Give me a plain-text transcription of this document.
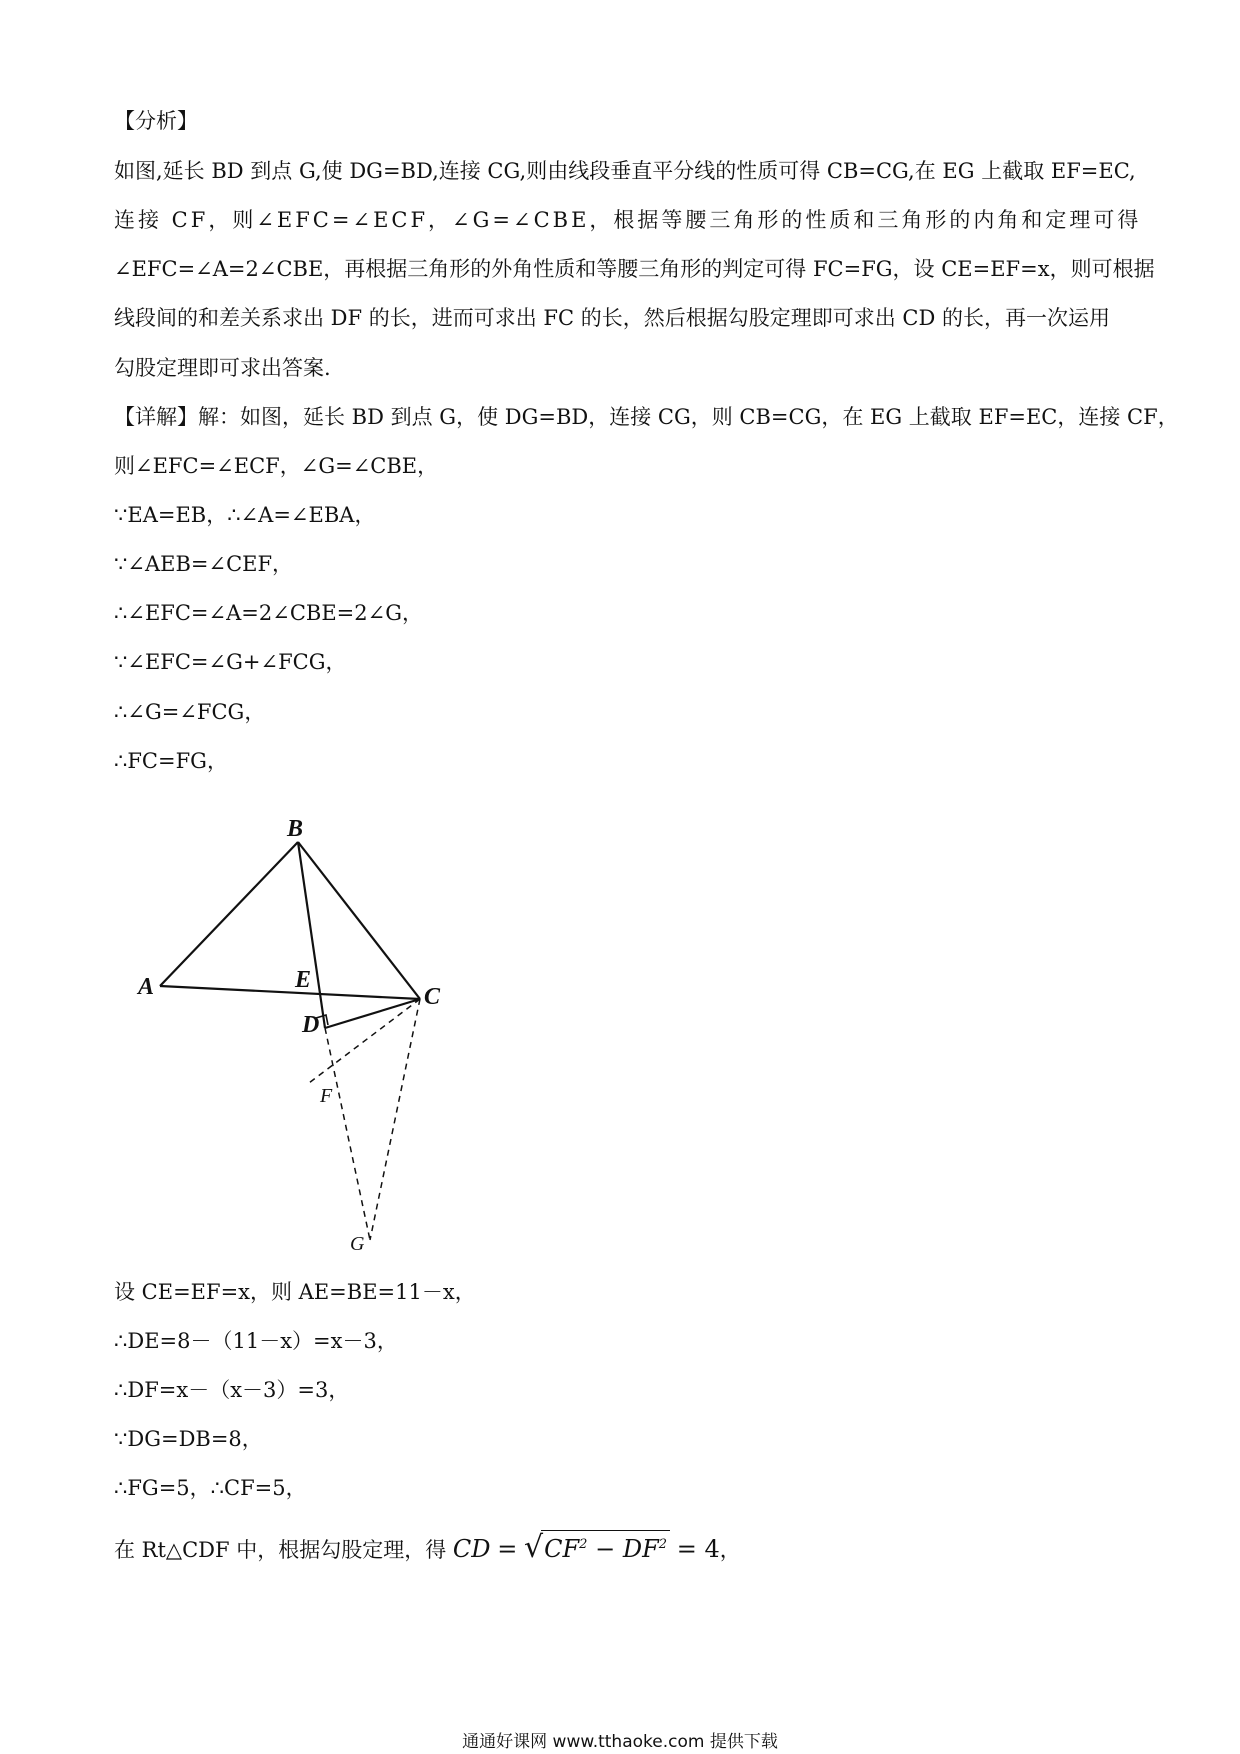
【分析】
如图,延长 BD 到点 G,使 DG=BD,连接 CG,则由线段垂直平分线的性质可得 CB=CG,在 EG 上截取 EF=EC,
连接 CF，则∠EFC=∠ECF，∠G=∠CBE，根据等腰三角形的性质和三角形的内角和定理可得
∠EFC=∠A=2∠CBE，再根据三角形的外角性质和等腰三角形的判定可得 FC=FG，设 CE=EF=x，则可根据
线段间的和差关系求出 DF 的长，进而可求出 FC 的长，然后根据勾股定理即可求出 CD 的长，再一次运用
勾股定理即可求出答案.
【详解】解：如图，延长 BD 到点 G，使 DG=BD，连接 CG，则 CB=CG，在 EG 上截取 EF=EC，连接 CF，
则∠EFC=∠ECF，∠G=∠CBE，
∵EA=EB，∴∠A=∠EBA，
∵∠AEB=∠CEF，
∴∠EFC=∠A=2∠CBE=2∠G，
∵∠EFC=∠G+∠FCG，
∴∠G=∠FCG，
∴FC=FG，
B
A	E
C
D
F
G
设 CE=EF=x，则 AE=BE=11－x，
∴DE=8－（11－x）=x－3，
∴DF=x－（x－3）=3，
∵DG=DB=8，
∴FG=5，∴CF=5，
在 Rt△CDF 中，根据勾股定理，得 CD = $√CF^2 - DF^2 = 4$，
通通好课网 www.tthaoke.com 提供下载
